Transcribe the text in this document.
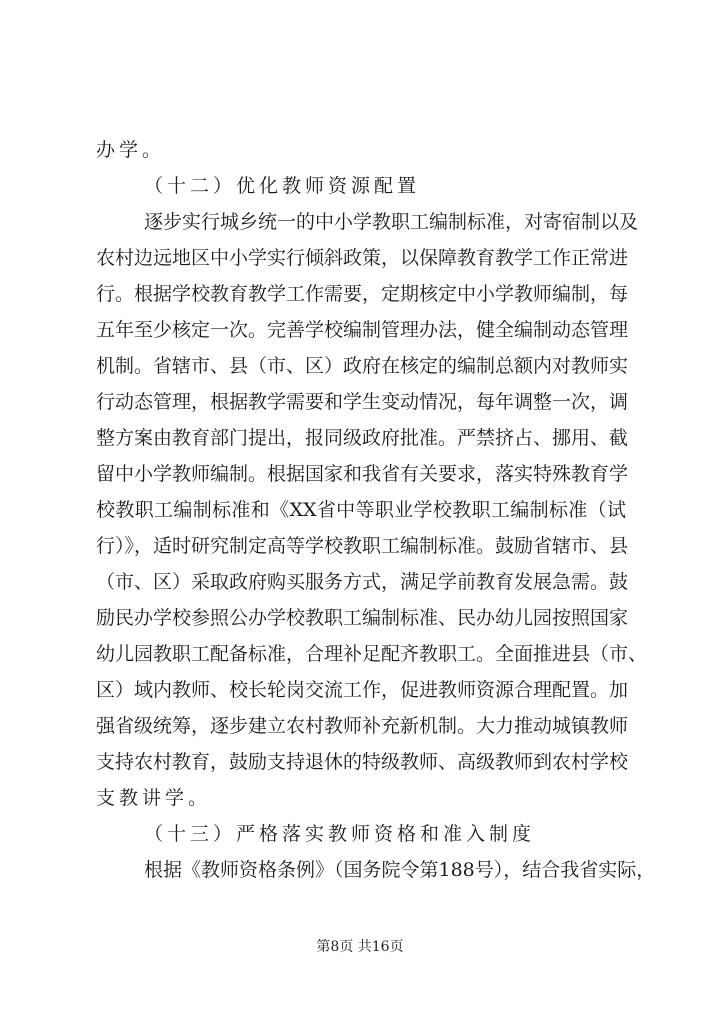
办学。
（十二）优化教师资源配置
逐步实行城乡统一的中小学教职工编制标准，对寄宿制以及
农村边远地区中小学实行倾斜政策，以保障教育教学工作正常进
行。根据学校教育教学工作需要，定期核定中小学教师编制，每
五年至少核定一次。完善学校编制管理办法，健全编制动态管理
机制。省辖市、县（市、区）政府在核定的编制总额内对教师实
行动态管理，根据教学需要和学生变动情况，每年调整一次，调
整方案由教育部门提出，报同级政府批准。严禁挤占、挪用、截
留中小学教师编制。根据国家和我省有关要求，落实特殊教育学
校教职工编制标准和《XX省中等职业学校教职工编制标准（试
行）》，适时研究制定高等学校教职工编制标准。鼓励省辖市、县
（市、区）采取政府购买服务方式，满足学前教育发展急需。鼓
励民办学校参照公办学校教职工编制标准、民办幼儿园按照国家
幼儿园教职工配备标准，合理补足配齐教职工。全面推进县（市、
区）域内教师、校长轮岗交流工作，促进教师资源合理配置。加
强省级统筹，逐步建立农村教师补充新机制。大力推动城镇教师
支持农村教育，鼓励支持退休的特级教师、高级教师到农村学校
支教讲学。
（十三）严格落实教师资格和准入制度
根据《教师资格条例》（国务院令第188号），结合我省实际，
第8页 共16页
